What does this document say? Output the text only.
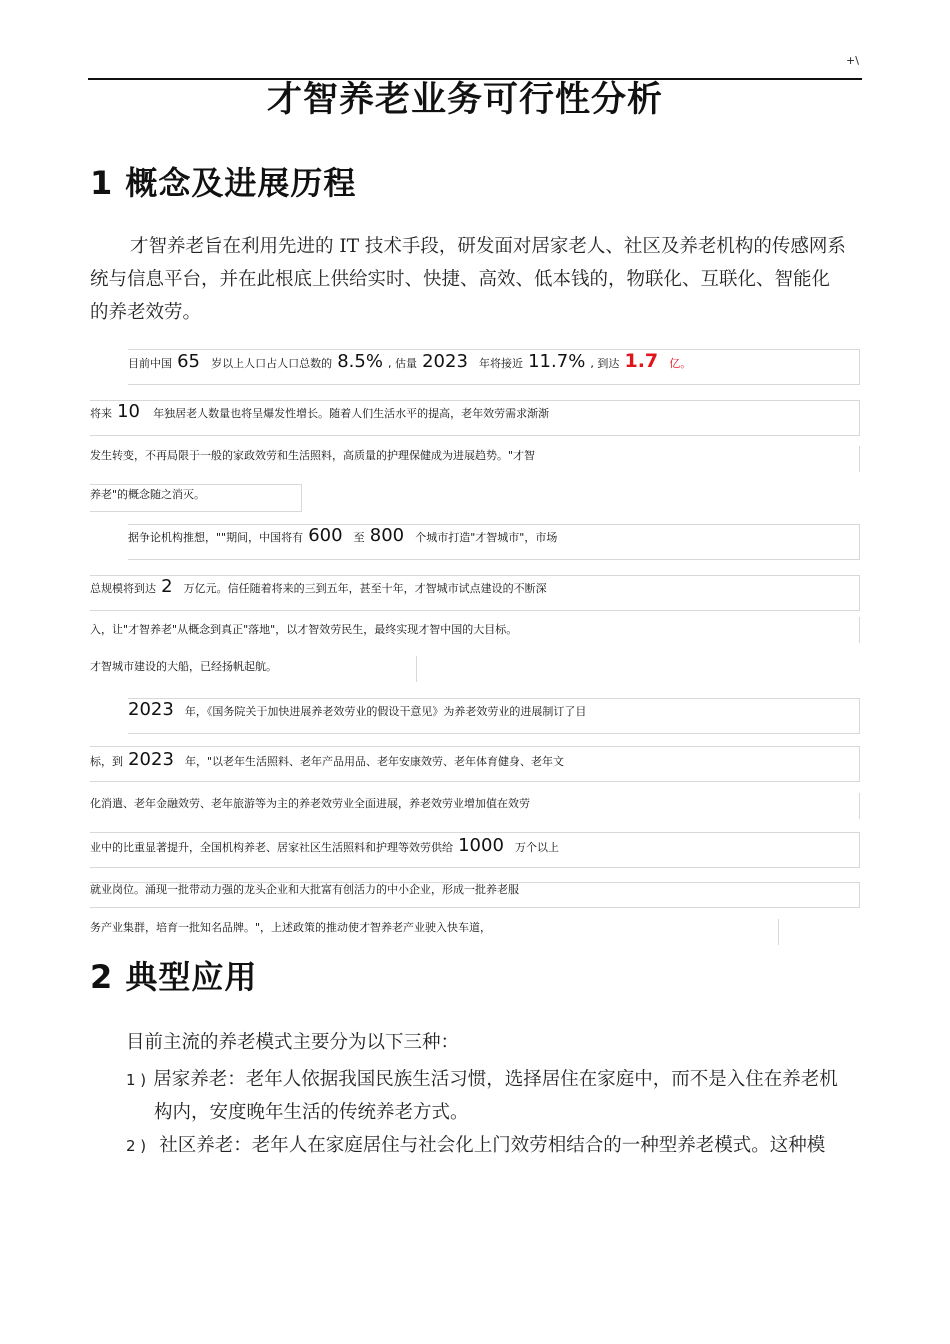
+\
才智养老业务可行性分析
1 概念及进展历程
才智养老旨在利用先进的 IT 技术手段，研发面对居家老人、社区及养老机构的传感网系
统与信息平台，并在此根底上供给实时、快捷、高效、低本钱的，物联化、互联化、智能化
的养老效劳。
目前中国 65 岁以上人口占人口总数的 8.5% , 估量 2023 年将接近 11.7% , 到达 1.7 亿。
将来 10 年独居老人数量也将呈爆发性增长。随着人们生活水平的提高，老年效劳需求渐渐
发生转变，不再局限于一般的家政效劳和生活照料，高质量的护理保健成为进展趋势。"才智
养老"的概念随之消灭。
据争论机构推想，""期间，中国将有 600 至 800 个城市打造"才智城市"，市场
总规模将到达 2 万亿元。信任随着将来的三到五年，甚至十年，才智城市试点建设的不断深
入，让"才智养老"从概念到真正"落地"，以才智效劳民生，最终实现才智中国的大目标。
才智城市建设的大船，已经扬帆起航。
2023 年，《国务院关于加快进展养老效劳业的假设干意见》为养老效劳业的进展制订了目
标，到 2023 年，"以老年生活照料、老年产品用品、老年安康效劳、老年体育健身、老年文
化消遣、老年金融效劳、老年旅游等为主的养老效劳业全面进展，养老效劳业增加值在效劳
业中的比重显著提升，全国机构养老、居家社区生活照料和护理等效劳供给 1000 万个以上
就业岗位。涌现一批带动力强的龙头企业和大批富有创活力的中小企业，形成一批养老服
务产业集群，培育一批知名品牌。"，上述政策的推动使才智养老产业驶入快车道，
2 典型应用
目前主流的养老模式主要分为以下三种：
1 ) 居家养老：老年人依据我国民族生活习惯，选择居住在家庭中，而不是入住在养老机
构内，安度晚年生活的传统养老方式。
2 ) 社区养老：老年人在家庭居住与社会化上门效劳相结合的一种型养老模式。这种模
